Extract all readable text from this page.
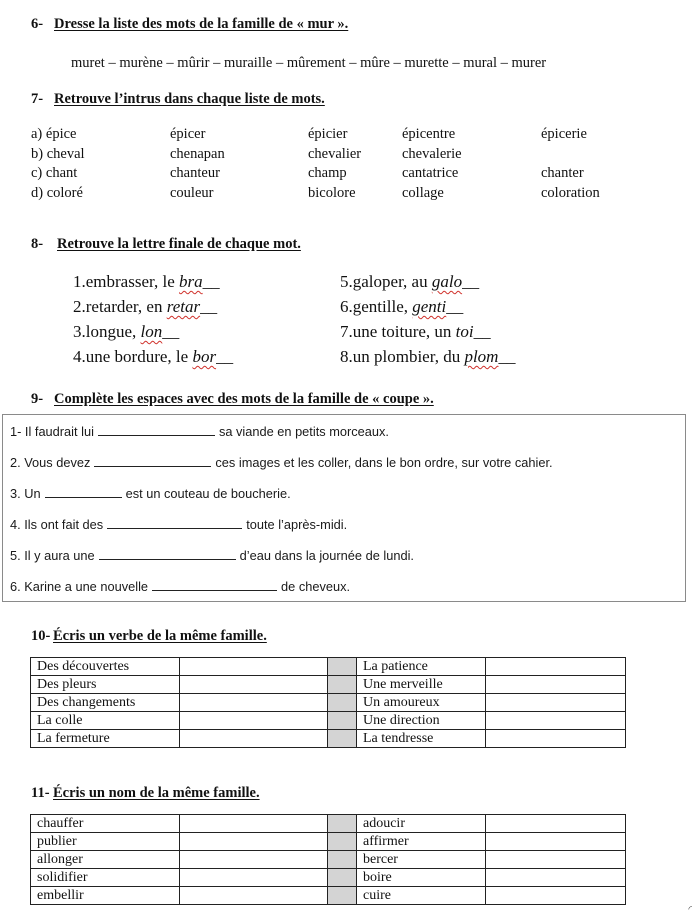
6- Dresse la liste des mots de la famille de « mur ».
muret – murène – mûrir – muraille – mûrement – mûre – murette – mural – murer
7- Retrouve l’intrus dans chaque liste de mots.
a) épice	épicer	épicier	épicentre	épicerie
b) cheval	chenapan	chevalier	chevalerie
c) chant	chanteur	champ	cantatrice	chanter
d) coloré	couleur	bicolore	collage	coloration
8- Retrouve la lettre finale de chaque mot.
1.embrasser, le bra__
2.retarder, en retar__
3.longue, lon__
4.une bordure, le bor__
5.galoper, au galo__
6.gentille, genti__
7.une toiture, un toi__
8.un plombier, du plom__
9- Complète les espaces avec des mots de la famille de « coupe ».
1- Il faudrait lui	sa viande en petits morceaux.
2. Vous devez	ces images et les coller, dans le bon ordre, sur votre cahier.
3. Un	est un couteau de boucherie.
4. Ils ont fait des	toute l’après-midi.
5. Il y aura une	d’eau dans la journée de lundi.
6. Karine a une nouvelle	de cheveux.
10- Écris un verbe de la même famille.
Des découvertes			La patience	
Des pleurs			Une merveille	
Des changements			Un amoureux	
La colle			Une direction	
La fermeture			La tendresse	
11- Écris un nom de la même famille.
chauffer			adoucir	
publier			affirmer	
allonger			bercer	
solidifier			boire	
embellir			cuire	
◜
